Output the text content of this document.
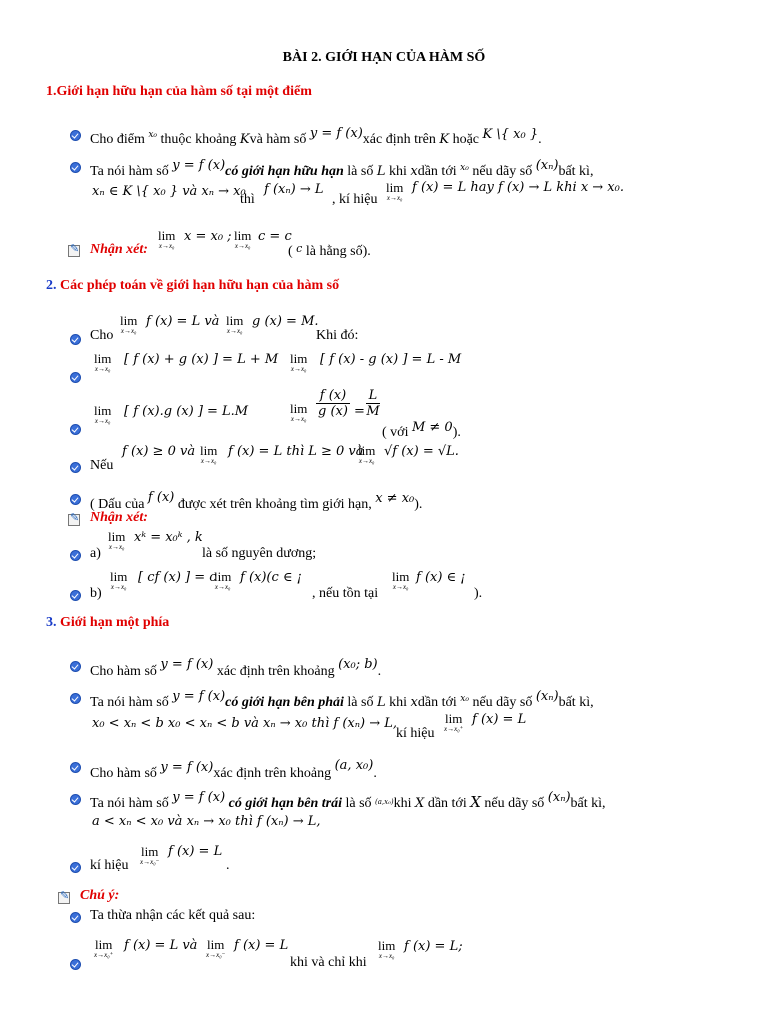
BÀI 2. GIỚI HẠN CỦA HÀM SỐ
1.Giới hạn hữu hạn của hàm số tại một điểm
Cho điểm $^{x_0}$ thuộc khoảng Kvà hàm số y = f (x)xác định trên K hoặc K \{ x₀ }.
Ta nói hàm số y = f (x)có giới hạn hữu hạn là số L khi xdần tới $^{x_0}$ nếu dãy số (xₙ)bất kì,
xₙ ∈ K \{ x₀ } và xₙ → x₀
thì
f (xₙ) → L
, kí hiệu
lim
x→x₀
f (x) = L hay f (x) → L khi x → x₀.
✎
Nhận xét:
lim
x→x₀
x = x₀ ; lim
x→x₀
c = c
( $^c$ là hằng số).
2. Các phép toán về giới hạn hữu hạn của hàm số
Cho
lim
x→x₀
f (x) = L và lim
x→x₀
g (x) = M.
Khi đó:
lim
x→x₀
[ f (x) + g (x) ] = L + M lim
x→x₀
[ f (x) - g (x) ] = L - M
lim
x→x₀
[ f (x).g (x) ] = L.M	lim
$x\to x_0 \frac{f (x)}{g (x)} = \frac{L}{M}$
( với M ≠ 0).
Nếu
f (x) ≥ 0 và lim
x→x₀
f (x) = L thì L ≥ 0 và
lim
x→x₀
√f (x) = √L.
( Dấu của f (x) được xét trên khoảng tìm giới hạn, x ≠ x₀).
✎
Nhận xét:
a)
lim
x→x₀
xᵏ = x₀ᵏ , k
là số nguyên dương;
b)
lim
x→x₀
[ cf (x) ] = c
lim
x→x₀
f (x)(c ∈ ¡
, nếu tồn tại
lim
x→x₀
f (x) ∈ ¡
).
3. Giới hạn một phía
Cho hàm số y = f (x) xác định trên khoảng (x₀; b).
Ta nói hàm số y = f (x)có giới hạn bên phải là số L khi xdần tới $^{x_0}$ nếu dãy số (xₙ)bất kì,
x₀ < xₙ < b x₀ < xₙ < b và xₙ → x₀ thì f (xₙ) → L,
kí hiệu
lim
x→x₀⁺
f (x) = L
Cho hàm số y = f (x)xác định trên khoảng (a, x₀).
Ta nói hàm số y = f (x) có giới hạn bên trái là số $^{(a,x_0)}$khi X dần tới X nếu dãy số (xₙ)bất kì,
a < xₙ < x₀ và xₙ → x₀ thì f (xₙ) → L,
kí hiệu
lim
x→x₀⁻
f (x) = L
.
✎
Chú ý:
Ta thừa nhận các kết quả sau:
lim
x→x₀⁺
f (x) = L và lim
x→x₀⁻
f (x) = L
khi và chỉ khi
lim
x→x₀
f (x) = L;
